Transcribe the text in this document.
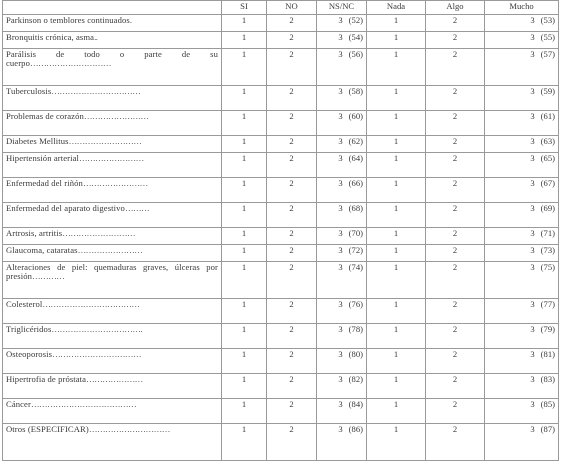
	SI	NO	NS/NC	Nada	Algo	Mucho
Parkinson o temblores continuados.	1	2	3 (52)	1	2	3 (53)
Bronquitis crónica, asma..	1	2	3 (54)	1	2	3 (55)
Parálisis de todo o parte de su cuerpo…………………………	1	2	3 (56)	1	2	3 (57)
Tuberculosis……………………………	1	2	3 (58)	1	2	3 (59)
Problemas de corazón……………………	1	2	3 (60)	1	2	3 (61)
Diabetes Mellitus………………………	1	2	3 (62)	1	2	3 (63)
Hipertensión arterial……………………	1	2	3 (64)	1	2	3 (65)
Enfermedad del riñón……………………	1	2	3 (66)	1	2	3 (67)
Enfermedad del aparato digestivo………	1	2	3 (68)	1	2	3 (69)
Artrosis, artritis………………………	1	2	3 (70)	1	2	3 (71)
Glaucoma, cataratas……………………	1	2	3 (72)	1	2	3 (73)
Alteraciones de piel: quemaduras graves, úlceras por presión…………	1	2	3 (74)	1	2	3 (75)
Colesterol………………………………	1	2	3 (76)	1	2	3 (77)
Triglicéridos…………………………….	1	2	3 (78)	1	2	3 (79)
Osteoporosis……………………………	1	2	3 (80)	1	2	3 (81)
Hipertrofia de próstata…………………	1	2	3 (82)	1	2	3 (83)
Cáncer…………………………………	1	2	3 (84)	1	2	3 (85)
Otros (ESPECIFICAR)…………………………	1	2	3 (86)	1	2	3 (87)
